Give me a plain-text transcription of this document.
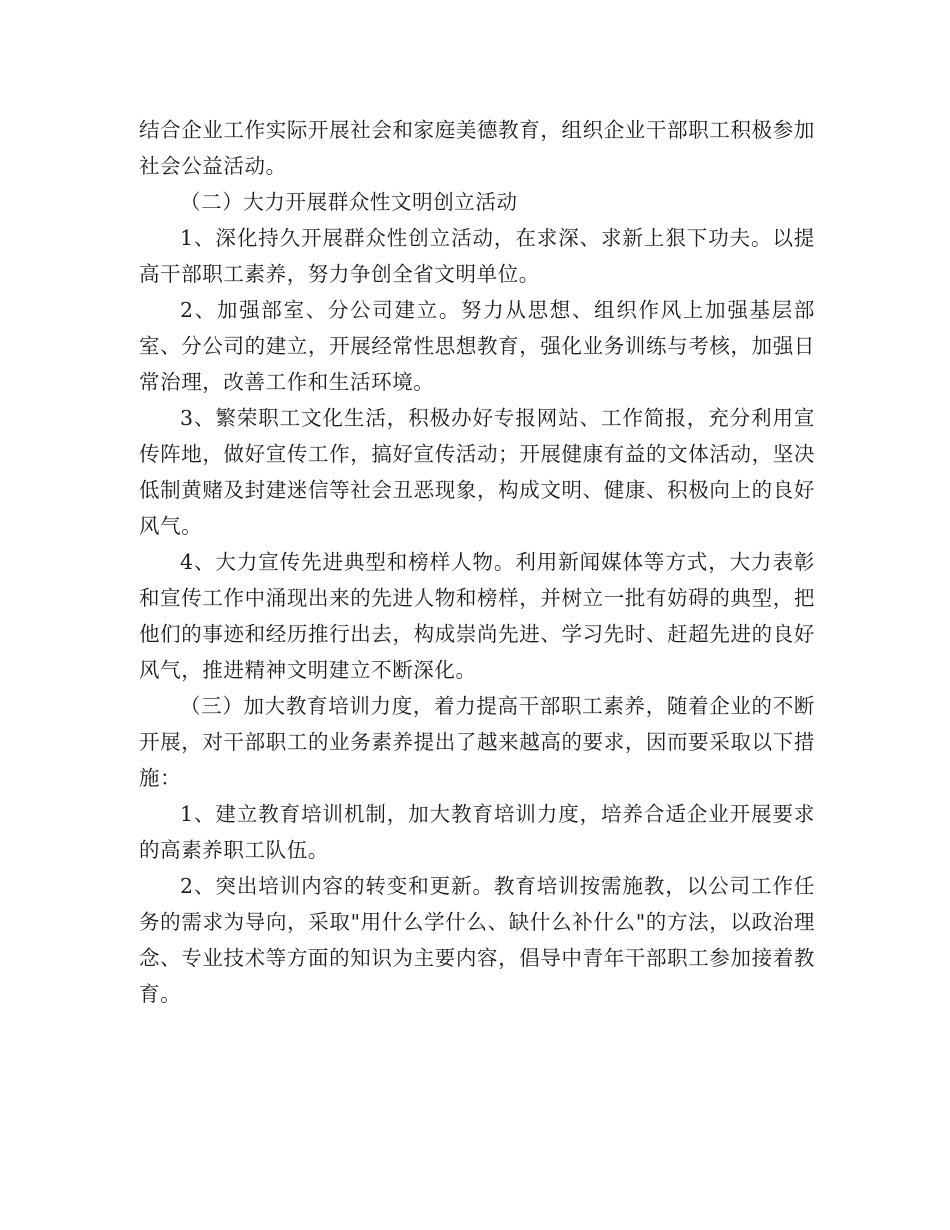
结合企业工作实际开展社会和家庭美德教育，组织企业干部职工积极参加社会公益活动。

（二）大力开展群众性文明创立活动

1、深化持久开展群众性创立活动，在求深、求新上狠下功夫。以提高干部职工素养，努力争创全省文明单位。

2、加强部室、分公司建立。努力从思想、组织作风上加强基层部室、分公司的建立，开展经常性思想教育，强化业务训练与考核，加强日常治理，改善工作和生活环境。

3、繁荣职工文化生活，积极办好专报网站、工作简报，充分利用宣传阵地，做好宣传工作，搞好宣传活动；开展健康有益的文体活动，坚决低制黄赌及封建迷信等社会丑恶现象，构成文明、健康、积极向上的良好风气。

4、大力宣传先进典型和榜样人物。利用新闻媒体等方式，大力表彰和宣传工作中涌现出来的先进人物和榜样，并树立一批有妨碍的典型，把他们的事迹和经历推行出去，构成崇尚先进、学习先时、赶超先进的良好风气，推进精神文明建立不断深化。

（三）加大教育培训力度，着力提高干部职工素养，随着企业的不断开展，对干部职工的业务素养提出了越来越高的要求，因而要采取以下措施：

1、建立教育培训机制，加大教育培训力度，培养合适企业开展要求的高素养职工队伍。

2、突出培训内容的转变和更新。教育培训按需施教，以公司工作任务的需求为导向，采取"用什么学什么、缺什么补什么"的方法，以政治理念、专业技术等方面的知识为主要内容，倡导中青年干部职工参加接着教育。
